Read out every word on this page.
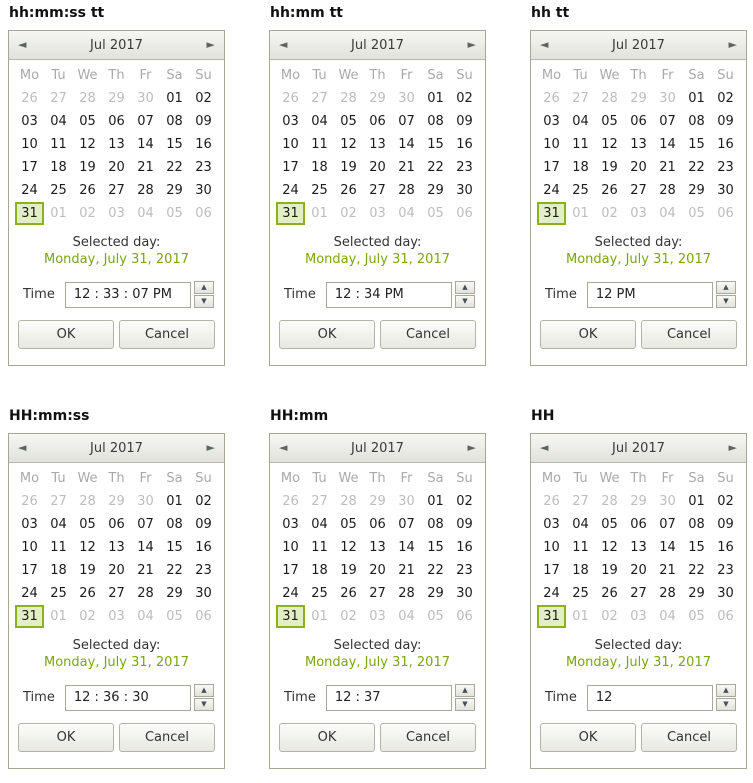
hh:mm:ss tt
◄	Jul 2017	►
Mo Tu We Th	Fr	Sa Su
26 27 28 29 30 01 02
03 04 05 06 07 08 09
10 11 12 13 14 15 16
17 18 19 20 21 22 23
24 25 26 27 28 29 30
31 01 02 03 04 05 06
Selected day:
Monday, July 31, 2017
Time	12 : 33 : 07 PM	▲
▼
OK	Cancel
hh:mm tt
◄	Jul 2017	►
Mo Tu We Th	Fr	Sa Su
26 27 28 29 30 01 02
03 04 05 06 07 08 09
10 11 12 13 14 15 16
17 18 19 20 21 22 23
24 25 26 27 28 29 30
31 01 02 03 04 05 06
Selected day:
Monday, July 31, 2017
Time	12 : 34 PM	▲
▼
OK	Cancel
hh tt
◄	Jul 2017	►
Mo Tu We Th	Fr	Sa Su
26 27 28 29 30 01 02
03 04 05 06 07 08 09
10 11 12 13 14 15 16
17 18 19 20 21 22 23
24 25 26 27 28 29 30
31 01 02 03 04 05 06
Selected day:
Monday, July 31, 2017
Time	12 PM	▲
▼
OK	Cancel
HH:mm:ss
◄	Jul 2017	►
Mo Tu We Th	Fr	Sa Su
26 27 28 29 30 01 02
03 04 05 06 07 08 09
10 11 12 13 14 15 16
17 18 19 20 21 22 23
24 25 26 27 28 29 30
31 01 02 03 04 05 06
Selected day:
Monday, July 31, 2017
Time	12 : 36 : 30	▲
▼
OK	Cancel
HH:mm
◄	Jul 2017	►
Mo Tu We Th	Fr	Sa Su
26 27 28 29 30 01 02
03 04 05 06 07 08 09
10 11 12 13 14 15 16
17 18 19 20 21 22 23
24 25 26 27 28 29 30
31 01 02 03 04 05 06
Selected day:
Monday, July 31, 2017
Time	12 : 37	▲
▼
OK	Cancel
HH
◄	Jul 2017	►
Mo Tu We Th	Fr	Sa Su
26 27 28 29 30 01 02
03 04 05 06 07 08 09
10 11 12 13 14 15 16
17 18 19 20 21 22 23
24 25 26 27 28 29 30
31 01 02 03 04 05 06
Selected day:
Monday, July 31, 2017
Time	12	▲
▼
OK	Cancel
